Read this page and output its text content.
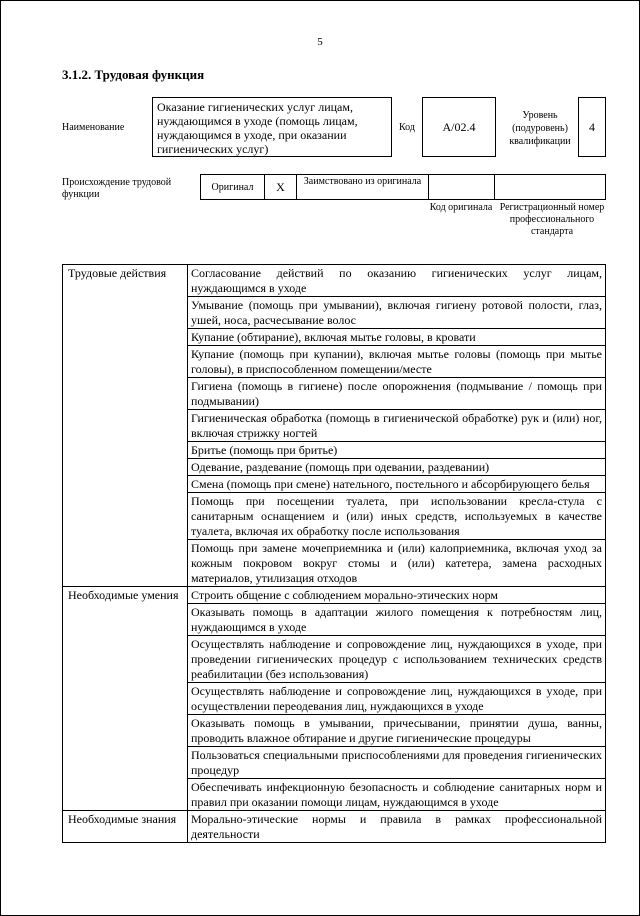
5
3.1.2. Трудовая функция
Наименование
Оказание гигиенических услуг лицам, нуждающимся в уходе (помощь лицам, нуждающимся в уходе, при оказании гигиенических услуг)
Код	A/02.4
Уровень (подуровень) квалификации
4
Происхождение трудовой функции
Оригинал	X	Заимствовано из оригинала
Код оригинала Регистрационный номер профессионального стандарта
Трудовые действия	Согласование действий по оказанию гигиенических услуг лицам, нуждающимся в уходе
	Умывание (помощь при умывании), включая гигиену ротовой полости, глаз, ушей, носа, расчесывание волос
	Купание (обтирание), включая мытье головы, в кровати
	Купание (помощь при купании), включая мытье головы (помощь при мытье головы), в приспособленном помещении/месте
	Гигиена (помощь в гигиене) после опорожнения (подмывание / помощь при подмывании)
	Гигиеническая обработка (помощь в гигиенической обработке) рук и (или) ног, включая стрижку ногтей
	Бритье (помощь при бритье)
	Одевание, раздевание (помощь при одевании, раздевании)
	Смена (помощь при смене) нательного, постельного и абсорбирующего белья
	Помощь при посещении туалета, при использовании кресла-стула с санитарным оснащением и (или) иных средств, используемых в качестве туалета, включая их обработку после использования
	Помощь при замене мочеприемника и (или) калоприемника, включая уход за кожным покровом вокруг стомы и (или) катетера, замена расходных материалов, утилизация отходов
Необходимые умения	Строить общение с соблюдением морально-этических норм
	Оказывать помощь в адаптации жилого помещения к потребностям лиц, нуждающимся в уходе
	Осуществлять наблюдение и сопровождение лиц, нуждающихся в уходе, при проведении гигиенических процедур с использованием технических средств реабилитации (без использования)
	Осуществлять наблюдение и сопровождение лиц, нуждающихся в уходе, при осуществлении переодевания лиц, нуждающихся в уходе
	Оказывать помощь в умывании, причесывании, принятии душа, ванны, проводить влажное обтирание и другие гигиенические процедуры
	Пользоваться специальными приспособлениями для проведения гигиенических процедур
	Обеспечивать инфекционную безопасность и соблюдение санитарных норм и правил при оказании помощи лицам, нуждающимся в уходе
Необходимые знания	Морально-этические нормы и правила в рамках профессиональной деятельности
